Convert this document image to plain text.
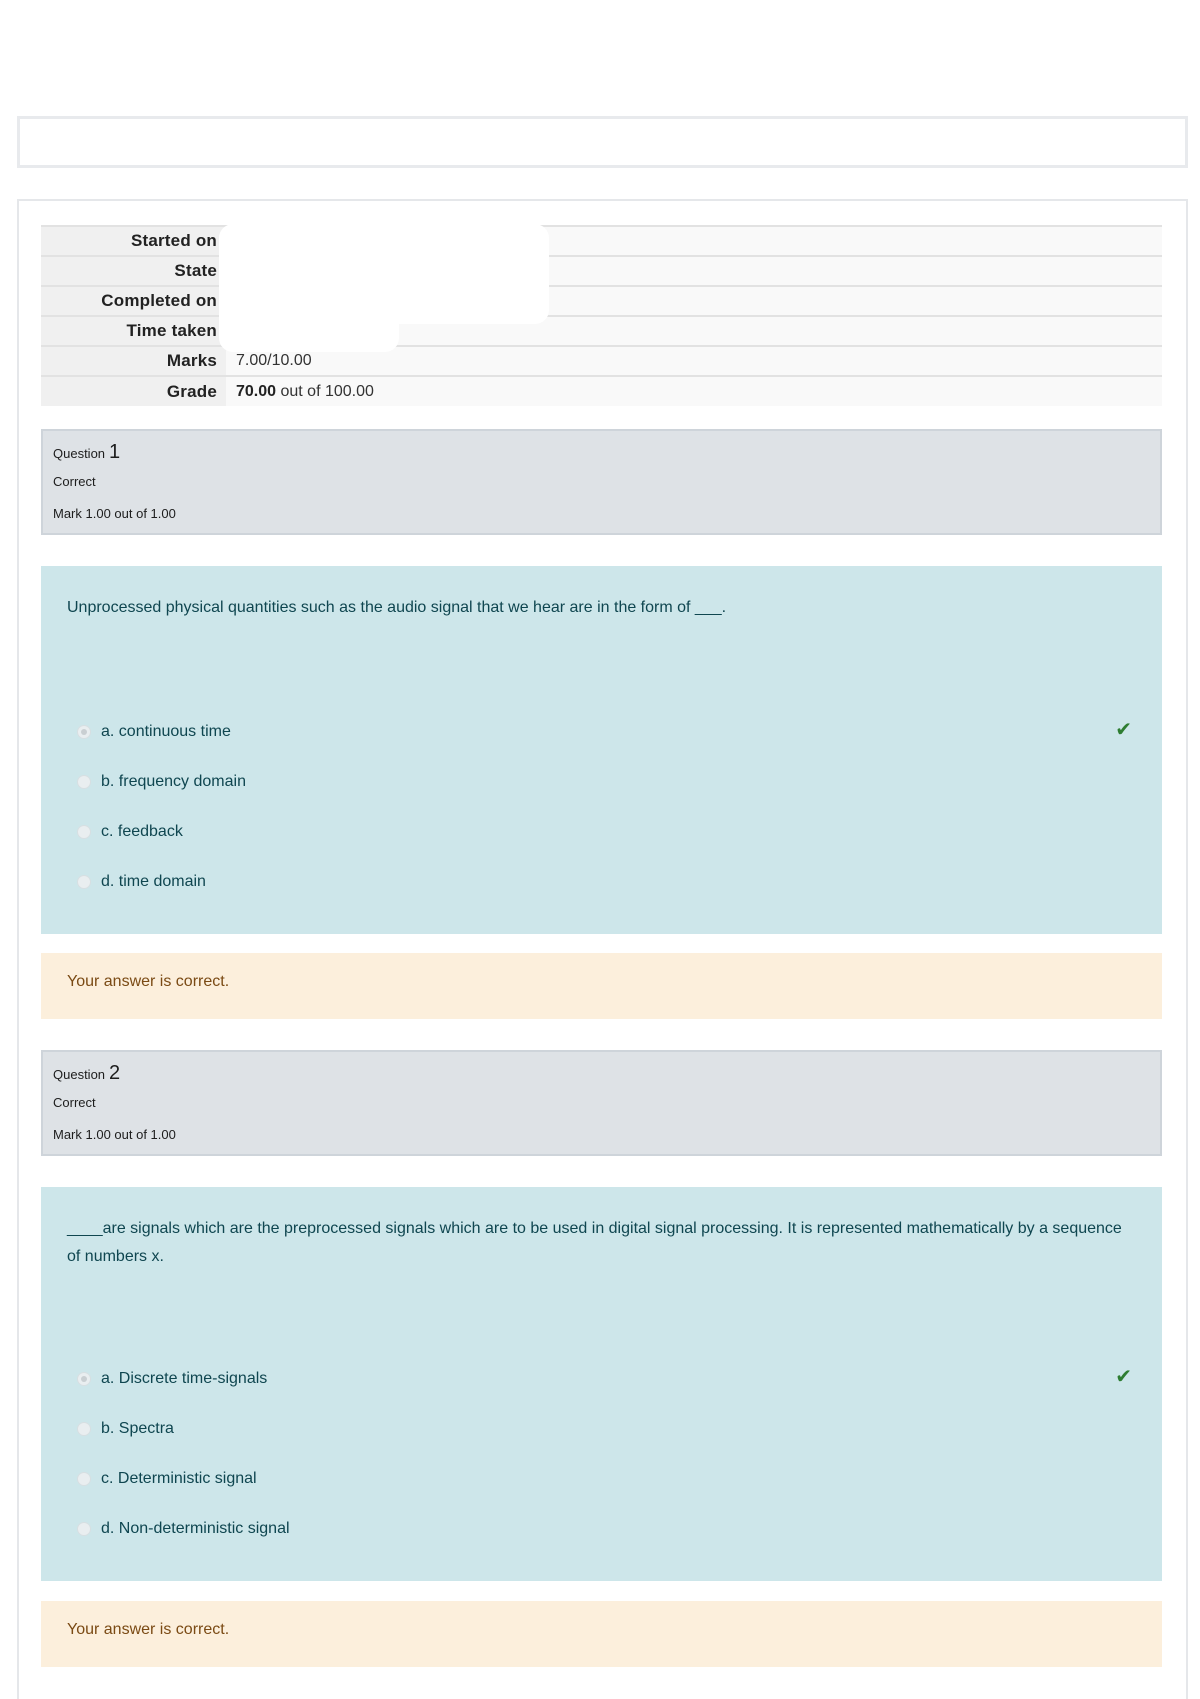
Started on	
State	
Completed on	
Time taken	
Marks	7.00/10.00
Grade	70.00 out of 100.00
Question 1
Correct
Mark 1.00 out of 1.00
Unprocessed physical quantities such as the audio signal that we hear are in the form of ___.
a. continuous time	✔
b. frequency domain
c. feedback
d. time domain
Your answer is correct.
Question 2
Correct
Mark 1.00 out of 1.00
____are signals which are the preprocessed signals which are to be used in digital signal processing. It is represented mathematically by a sequence of numbers x.
a. Discrete time-signals	✔
b. Spectra
c. Deterministic signal
d. Non-deterministic signal
Your answer is correct.
